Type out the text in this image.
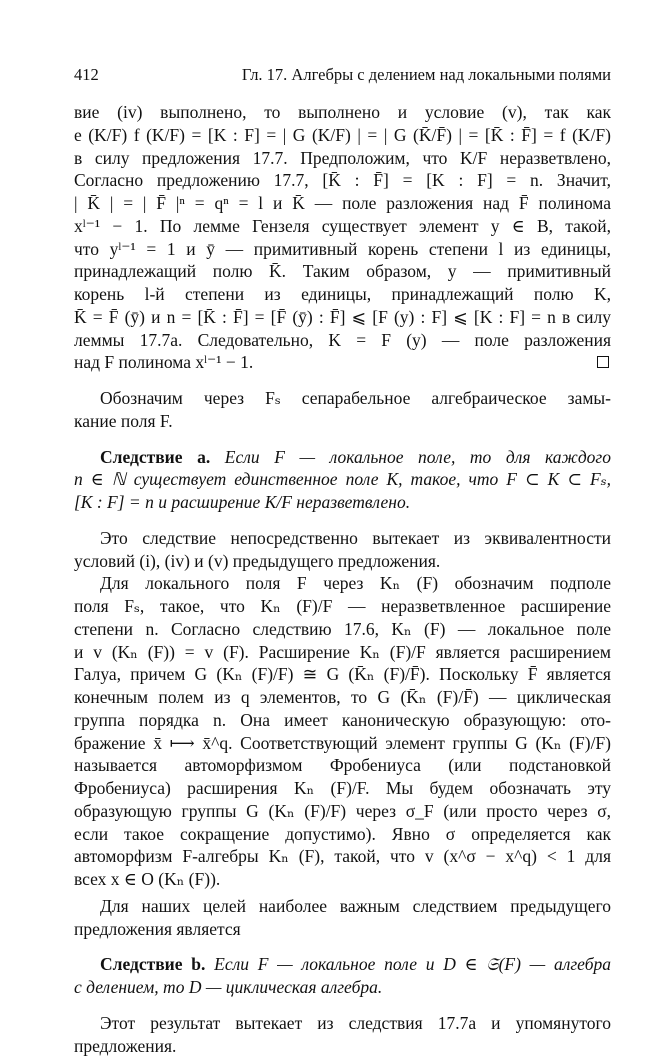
412	Гл. 17. Алгебры с делением над локальными полями
вие (iv) выполнено, то выполнено и условие (v), так как
e (K/F) f (K/F) = [K : F] = | G (K/F) | = | G (K̄/F̄) | = [K̄ : F̄] = f (K/F)
в силу предложения 17.7. Предположим, что K/F неразветвлено,
Согласно предложению 17.7, [K̄ : F̄] = [K : F] = n. Значит,
| K̄ | = | F̄ |ⁿ = qⁿ = l и K̄ — поле разложения над F̄ полинома
xˡ⁻¹ − 1. По лемме Гензеля существует элемент y ∈ B, такой,
что yˡ⁻¹ = 1 и ȳ — примитивный корень степени l из единицы,
принадлежащий полю K̄. Таким образом, y — примитивный
корень l-й степени из единицы, принадлежащий полю K,
K̄ = F̄ (ȳ) и n = [K̄ : F̄] = [F̄ (ȳ) : F̄] ⩽ [F (y) : F] ⩽ [K : F] = n в силу
леммы 17.7a. Следовательно, K = F (y) — поле разложения
над F полинома xˡ⁻¹ − 1.
Обозначим через Fₛ сепарабельное алгебраическое замы-
кание поля F.
Следствие a. Если F — локальное поле, то для каждого
n ∈ ℕ существует единственное поле K, такое, что F ⊂ K ⊂ Fₛ,
[K : F] = n и расширение K/F неразветвлено.
Это следствие непосредственно вытекает из эквивалентности
условий (i), (iv) и (v) предыдущего предложения.
Для локального поля F через Kₙ (F) обозначим подполе
поля Fₛ, такое, что Kₙ (F)/F — неразветвленное расширение
степени n. Согласно следствию 17.6, Kₙ (F) — локальное поле
и v (Kₙ (F)) = v (F). Расширение Kₙ (F)/F является расширением
Галуа, причем G (Kₙ (F)/F) ≅ G (K̄ₙ (F)/F̄). Поскольку F̄ является
конечным полем из q элементов, то G (K̄ₙ (F)/F̄) — циклическая
группа порядка n. Она имеет каноническую образующую: ото-
бражение x̄ ⟼ x̄^q. Соответствующий элемент группы G (Kₙ (F)/F)
называется автоморфизмом Фробениуса (или подстановкой
Фробениуса) расширения Kₙ (F)/F. Мы будем обозначать эту
образующую группы G (Kₙ (F)/F) через σ_F (или просто через σ,
если такое сокращение допустимо). Явно σ определяется как
автоморфизм F-алгебры Kₙ (F), такой, что v (x^σ − x^q) < 1 для
всех x ∈ O (Kₙ (F)).
Для наших целей наиболее важным следствием предыдущего
предложения является
Следствие b. Если F — локальное поле и D ∈ 𝔖(F) — алгебра
с делением, то D — циклическая алгебра.
Этот результат вытекает из следствия 17.7a и упомянутого
предложения.
